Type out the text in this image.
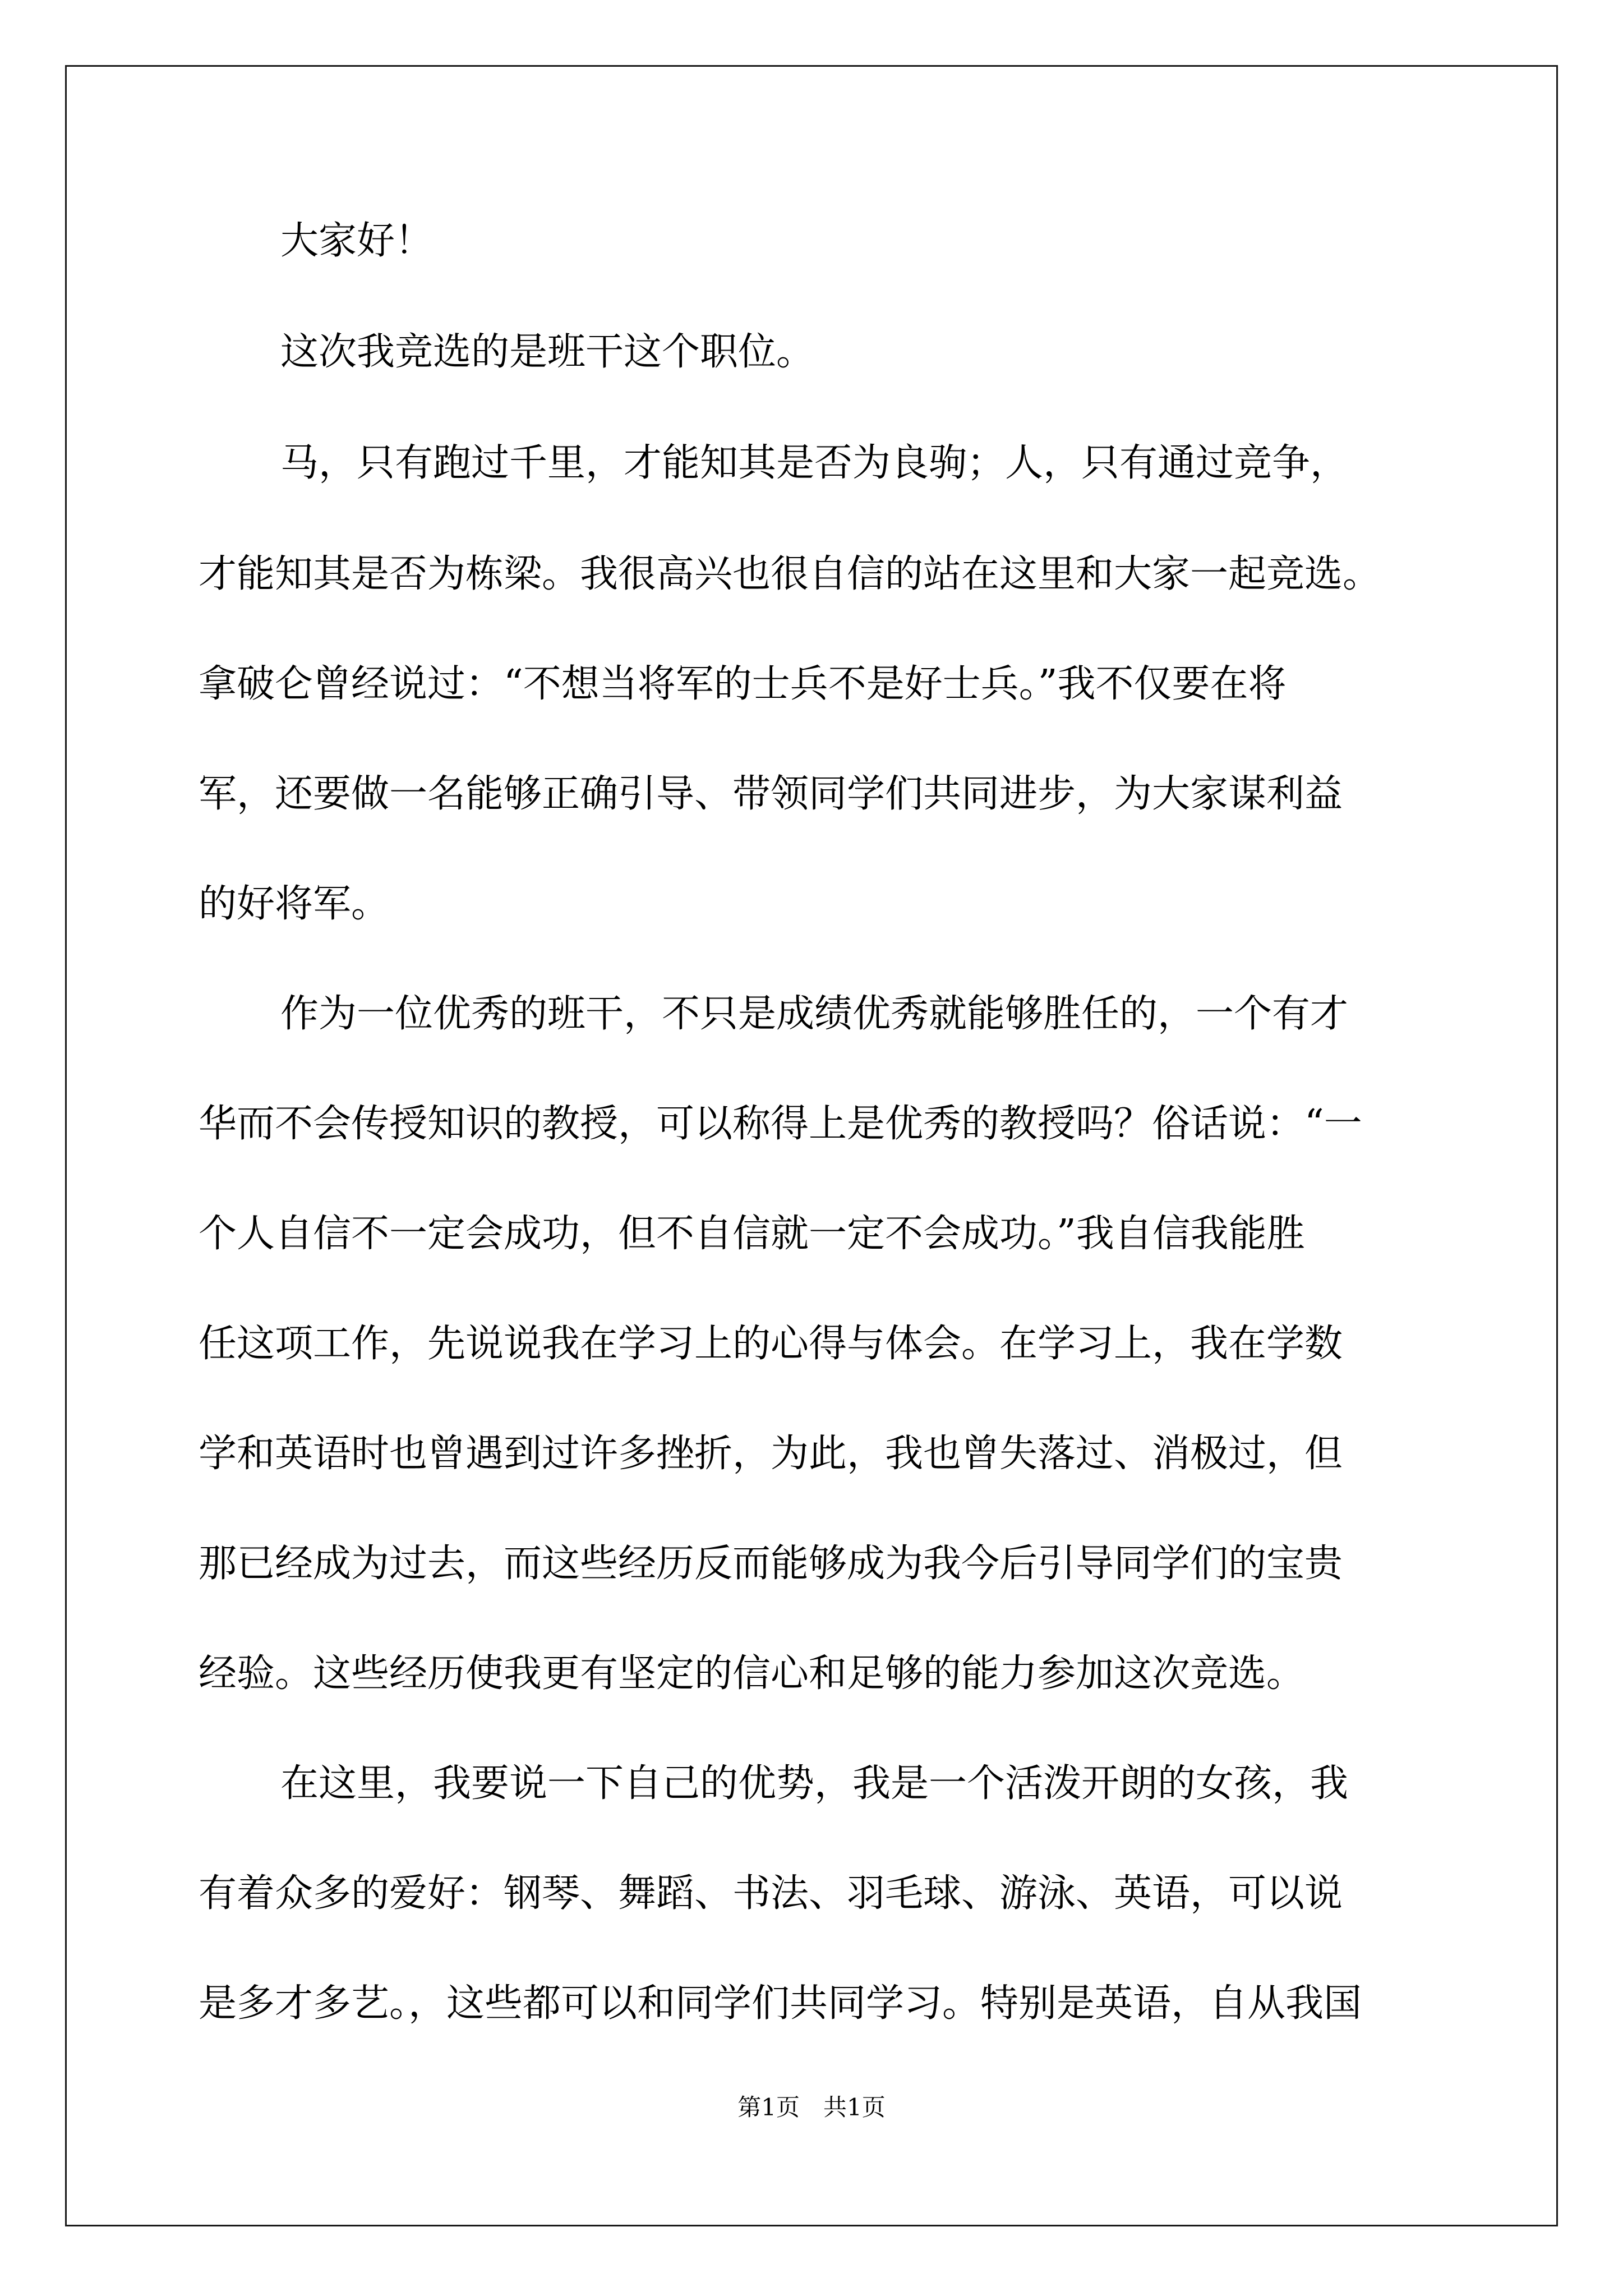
大家好！
这次我竞选的是班干这个职位。
马，只有跑过千里，才能知其是否为良驹；人，只有通过竞争，
才能知其是否为栋梁。我很高兴也很自信的站在这里和大家一起竞选。
拿破仑曾经说过：“不想当将军的士兵不是好士兵。”我不仅要在将
军，还要做一名能够正确引导、带领同学们共同进步，为大家谋利益
的好将军。
作为一位优秀的班干，不只是成绩优秀就能够胜任的，一个有才
华而不会传授知识的教授，可以称得上是优秀的教授吗？俗话说：“一
个人自信不一定会成功，但不自信就一定不会成功。”我自信我能胜
任这项工作，先说说我在学习上的心得与体会。在学习上，我在学数
学和英语时也曾遇到过许多挫折，为此，我也曾失落过、消极过，但
那已经成为过去，而这些经历反而能够成为我今后引导同学们的宝贵
经验。这些经历使我更有坚定的信心和足够的能力参加这次竞选。
在这里，我要说一下自己的优势，我是一个活泼开朗的女孩，我
有着众多的爱好：钢琴、舞蹈、书法、羽毛球、游泳、英语，可以说
是多才多艺。，这些都可以和同学们共同学习。特别是英语，自从我国
第1页　共1页
